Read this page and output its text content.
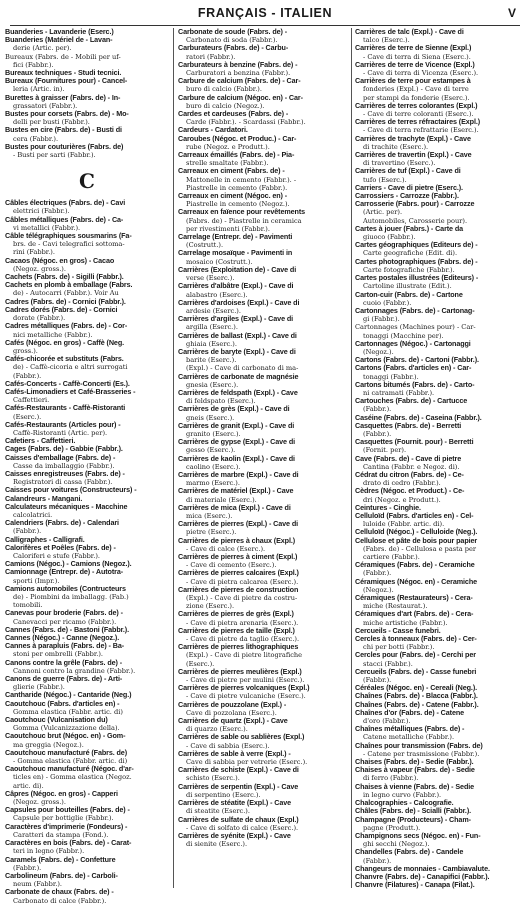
FRANÇAIS - ITALIEN	V
Buanderies - Lavanderie (Eserc.)
Buanderies (Matériel de - Lavan-
derie (Artic. per).
Bureaux (Fabrs. de - Mobili per uf-
fici (Fabbr.).
Bureaux techniques - Studi tecnici.
Bureaux (Fournitures pour) - Cancel-
leria (Artic. in).
Burettes à graisser (Fabrs. de) - In-
grassatori (Fabbr.).
Bustes pour corsets (Fabrs. de) - Mo-
delli per busti (Fabbr.).
Bustes en cire (Fabrs. de) - Busti di
cera (Fabbr.).
Bustes pour couturières (Fabrs. de)
- Busti per sarti (Fabbr.).
C
Câbles électriques (Fabrs. de) - Cavi
elettrici (Fabbr.).
Câbles métalliques (Fabrs. de) - Ca-
vi metallici (Fabbr.).
Câble télégraphiques sousmarins (Fa-
brs. de - Cavi telegrafici sottoma-
rini (Fabbr.).
Cacaos (Négoc. en gros) - Cacao
(Negoz. gross.).
Cachets (Fabrs. de) - Sigilli (Fabbr.).
Cachets en plomb à emballage (Fabrs.
de) - Autocarri (Fabbr.). Voir Au
Cadres (Fabrs. de) - Cornici (Fabbr.).
Cadres dorés (Fabrs. de) - Cornici
dorate (Fabbr.).
Cadres métalliques (Fabrs. de) - Cor-
nici metalliche (Fabbr.).
Cafés (Négoc. en gros) - Caffè (Neg.
gross.).
Cafés-chicorée et substituts (Fabrs.
de) - Caffè-cicoria e altri surrogati
(Fabbr.).
Cafés-Concerts - Caffè-Concerti (Es.).
Cafés-Limonadiers et Café-Brasseries -
Caffettieri.
Cafés-Restaurants - Caffè-Ristoranti
(Eserc.).
Cafés-Restaurants (Articles pour) -
Caffè-Ristoranti (Artic. per).
Cafetiers - Caffettieri.
Cages (Fabrs. de) - Gabbie (Fabbr.).
Caisses d'emballage (Fabrs. de) -
Casse da imballaggio (Fabbr.).
Caisses enregistreuses (Fabrs. de) -
Registratori di cassa (Fabbr.).
Caisses pour voitures (Constructeurs) -
Calandreurs - Mangani.
Calculateurs mécaniques - Macchine
calcolatrici.
Calendriers (Fabrs. de) - Calendari
(Fabbr.).
Calligraphes - Calligrafi.
Calorifères et Poêles (Fabrs. de) -
Caloriferi e stufe (Fabbr.).
Camions (Négoc.) - Camions (Negoz.).
Camionnage (Entrepr. de) - Autotra-
sporti (Impr.).
Camions automobiles (Contructeurs
de) - Piombini da imballagg. (Fab.)
tomobili.
Canevas pour broderie (Fabrs. de) -
Canevacci per ricamo (Fabbr.).
Cannes (Fabrs. de) - Bastoni (Fabbr.).
Cannes (Négoc.) - Canne (Negoz.).
Cannes à parapluis (Fabrs. de) - Ba-
stoni per ombrelli (Fabbr.).
Canons contre la grêle (Fabrs. de) -
Cannoni contro la grandine (Fabbr.).
Canons de guerre (Fabrs. de) - Arti-
glierie (Fabbr.).
Cantharide (Négoc.) - Cantaride (Neg.)
Caoutchouc (Fabrs. d'articles en) -
Gomma elastica (Fabbr. artic. di)
Caoutchouc (Vulcanisation du)
Gomma (Vulcanizzazione della).
Caoutchouc brut (Négoc. en) - Gom-
ma greggia (Negoz.).
Caoutchouc manufacturé (Fabrs. de)
- Gomma elastica (Fabbr. artic. di)
Caoutchouc manufacturé (Négoc. d'ar-
ticles en) - Gomma elastica (Negoz.
artic. di).
Câpres (Négoc. en gros) - Capperi
(Negoz. gross.).
Capsules pour bouteilles (Fabrs. de) -
Capsule per bottiglie (Fabbr.).
Caractères d'imprimerie (Fondeurs) -
Caratteri da stampa (Fond.).
Caractères en bois (Fabrs. de) - Carat-
teri in legno (Fabbr.).
Caramels (Fabrs. de) - Confetture
(Fabbr.).
Carbolineum (Fabrs. de) - Carboli-
neum (Fabbr.).
Carbonate de chaux (Fabrs. de) -
Carbonato di calce (Fabbr.).
Carbonate de soude (Fabrs. de) -
Carbonato di soda (Fabbr.).
Carburateurs (Fabrs. de) - Carbu-
ratori (Fabbr.).
Carburateurs à benzine (Fabrs. de) -
Carburatori a benzina (Fabbr.).
Carbure de calcium (Fabrs. de) - Car-
buro di calcio (Fabbr.).
Carbure de calcium (Négoc. en) - Car-
buro di calcio (Negoz.).
Cardes et cardeuses (Fabrs. de) -
Carde (Fabbr.). - Scardassi (Fabbr.).
Cardeurs - Cardatori.
Caroubes (Négoc. et Produc.) - Car-
rube (Negoz. e Produtt.).
Carreaux émaillés (Fabrs. de) - Pia-
strelle smaltate (Fabbr.).
Carreaux en ciment (Fabrs. de) -
Mattonelle in cemento (Fabbr.). -
Piastrelle in cemento (Fabbr.).
Carreaux en ciment (Négoc. en) -
Piastrelle in cemento (Negoz.).
Carreaux en faïence pour revêtements
(Fabrs. de) - Piastrelle in ceramica
per rivestimenti (Fabbr.).
Carrelage (Entrepr. de) - Pavimenti
(Costrutt.).
Carrelage mosaïque - Pavimenti in
mosaico (Costrutt.).
Carrières (Exploitation de) - Cave di
verse (Eserc.).
Carrières d'albâtre (Expl.) - Cave di
alabastro (Eserc.).
Carrières d'ardoises (Expl.) - Cave di
ardesie (Eserc.).
Carrières d'argiles (Expl.) - Cave di
argilla (Eserc.).
Carrières de ballast (Expl.) - Cave di
ghiaia (Eserc.).
Carrières de baryte (Expl.) - Cave di
barite (Eserc.).
(Expl.) - Cave di carbonato di ma-
Carrières de carbonate de magnésie
gnesia (Eserc.).
Carrières de feldspath (Expl.) - Cave
di feldspato (Eserc.).
Carrières de grès (Expl.) - Cave di
gneis (Eserc.).
Carrières de granit (Expl.) - Cave di
granito (Eserc.).
Carrières de gypse (Expl.) - Cave di
gesso (Eserc.).
Carrières de kaolin (Expl.) - Cave di
caolino (Eserc.).
Carrières de marbre (Expl.) - Cave di
marmo (Eserc.).
Carrières de matériel (Expl.) - Cave
di materiale (Eserc.).
Carrières de mica (Expl.) - Cave di
mica (Eserc.).
Carrières de pierres (Expl.) - Cave di
pietre (Eserc.).
Carrières de pierres à chaux (Expl.)
- Cave di calce (Eserc.).
Carrières de pierres à ciment (Expl.)
- Cave di cemento (Eserc.).
Carrières de pierres calcaires (Expl.)
- Cave di pietra calcarea (Eserc.).
Carrières de pierres de construction
(Expl.) - Cave di pietre da costru-
zione (Eserc.).
Carrières de pierres de grès (Expl.)
- Cave di pietra arenaria (Eserc.).
Carrières de pierres de taille (Expl.)
- Cave di pietre da taglio (Eserc.).
Carrières de pierres lithographiques
(Expl.) - Cave di pietre litografiche
(Eserc.).
Carrières de pierres meulières (Expl.)
- Cave di pietre per mulini (Eserc.).
Carrières de pierres volcaniques (Expl.)
- Cave di pietre vulcaniche (Eserc.).
Carrières de pouzzolane (Expl.) -
Cave di pozzolana (Eserc.).
Carrières de quartz (Expl.) - Cave
di quarzo (Eserc.).
Carrières de sable ou sablières (Expl.)
- Cave di sabbia (Eserc.).
Carrières de sable à verre (Expl.) -
Cave di sabbia per vetrerie (Eserc.).
Carrières de schiste (Expl.) - Cave di
schisto (Eserc.).
Carrières de serpentin (Expl.) - Cave
di serpentino (Eserc.).
Carrières de stéatite (Expl.) - Cave
di steatite (Eserc.).
Carrières de sulfate de chaux (Expl.)
- Cave di solfato di calce (Eserc.).
Carrières de syénite (Expl.) - Cave
di sienite (Eserc.).
Carrières de talc (Expl.) - Cave di
talco (Eserc.).
Carrières de terre de Sienne (Expl.)
- Cave di terra di Siena (Eserc.).
Carrières de terre de Vicence (Expl.)
- Cave di terra di Vicenza (Eserc.).
Carrières de terre pour estampes à
fonderies (Expl.) - Cave di terre
per stampi da fonderie (Eserc.).
Carrières de terres colorantes (Expl.)
- Cave di terre coloranti (Eserc.).
Carrières de terres réfractaires (Expl.)
- Cave di terra refrattarie (Eserc.).
Carrières de trachyte (Expl.) - Cave
di trachite (Eserc.).
Carrières de travertin (Expl.) - Cave
di travertino (Eserc.).
Carrières de tuf (Expl.) - Cave di
tufo (Eserc.).
Carriers - Cave di pietre (Eserc.).
Carrossiers - Carrozze (Fabbr.).
Carrosserie (Fabrs. pour) - Carrozze
(Artic. per).
Automobiles, Carosserie pour).
Cartes à jouer (Fabrs.) - Carte da
giuoco (Fabbr.).
Cartes géographiques (Editeurs de) -
Carte geografiche (Edit. di).
Cartes photographiques (Fabrs. de) -
Carte fotografiche (Fabbr.).
Cartes postales illustrées (Editeurs) -
Cartoline illustrate (Edit.).
Carton-cuir (Fabrs. de) - Cartone
cuoio (Fabbr.).
Cartonnages (Fabrs. de) - Cartonag-
gi (Fabbr.).
Cartonnages (Machines pour) - Car-
tonaggi (Macchine per).
Cartonnages (Négoc.) - Cartonaggi
(Negoz.).
Cartons (Fabrs. de) - Cartoni (Fabbr.).
Cartons (Fabrs. d'articles en) - Car-
tonaggi (Fabbr.).
Cartons bitumés (Fabrs. de) - Carto-
ni catramati (Fabbr.).
Cartouches (Fabrs. de) - Cartucce
(Fabbr.).
Caséine (Fabrs. de) - Caseina (Fabbr.).
Casquettes (Fabrs. de) - Berretti
(Fabbr.).
Casquettes (Fournit. pour) - Berretti
(Fornit. per).
Cave (Fabrs. de) - Cave di pietre
Cantina (Fabbr. e Negoz. di).
Cédrat du citron (Fabrs. de) - Ce-
drato di cedro (Fabbr.).
Cèdres (Négoc. et Product.) - Ce-
dri (Negoz. e Produtt.).
Ceintures - Cinghie.
Celluloïd (Fabrs. d'articles en) - Cel-
luloide (Fabbr. artic. di).
Celluloïd (Négoc.) - Celluloide (Neg.).
Cellulose et pâte de bois pour papier
(Fabrs. de) - Cellulosa e pasta per
cartiere (Fabbr.).
Céramiques (Fabrs. de) - Ceramiche
(Fabbr.).
Céramiques (Négoc. en) - Ceramiche
(Negoz.).
Céramiques (Restaurateurs) - Cera-
miche (Restaurat.).
Céramiques d'art (Fabrs. de) - Cera-
miche artistiche (Fabbr.).
Cercueils - Casse funebri.
Cercles à tonneaux (Fabrs. de) - Cer-
chi per botti (Fabbr.).
Cercles pour (Fabrs. de) - Cerchi per
stacci (Fabbr.).
Cercueils (Fabrs. de) - Casse funebri
(Fabbr.).
Céréales (Négoc. en) - Cereali (Neg.).
Chaînes (Fabrs. de) - Blacca (Fabbr.).
Chaînes (Fabrs. de) - Catene (Fabbr.).
Chaînes d'or (Fabrs. de) - Catene
d'oro (Fabbr.).
Chaînes métalliques (Fabrs. de) -
Catene metalliche (Fabbr.).
Chaînes pour transmission (Fabrs. de)
- Catene per trasmissione (Fabbr.).
Chaises (Fabrs. de) - Sedie (Fabbr.).
Chaises à vapeur (Fabrs. de) - Sedie
di ferro (Fabbr.).
Chaises à vienne (Fabrs. de) - Sedie
in legno curvo (Fabbr.).
Chalcographies - Calcografie.
Châles (Fabrs. de) - Scialli (Fabbr.).
Champagne (Producteurs) - Cham-
pagne (Produtt.).
Champignons secs (Négoc. en) - Fun-
ghi secchi (Negoz.).
Chandelles (Fabrs. de) - Candele
(Fabbr.).
Changeurs de monnaies - Cambiavalute.
Chanvre (Fabrs. de) - Canapifici (Fabbr.).
Chanvre (Filatures) - Canapa (Filat.).
